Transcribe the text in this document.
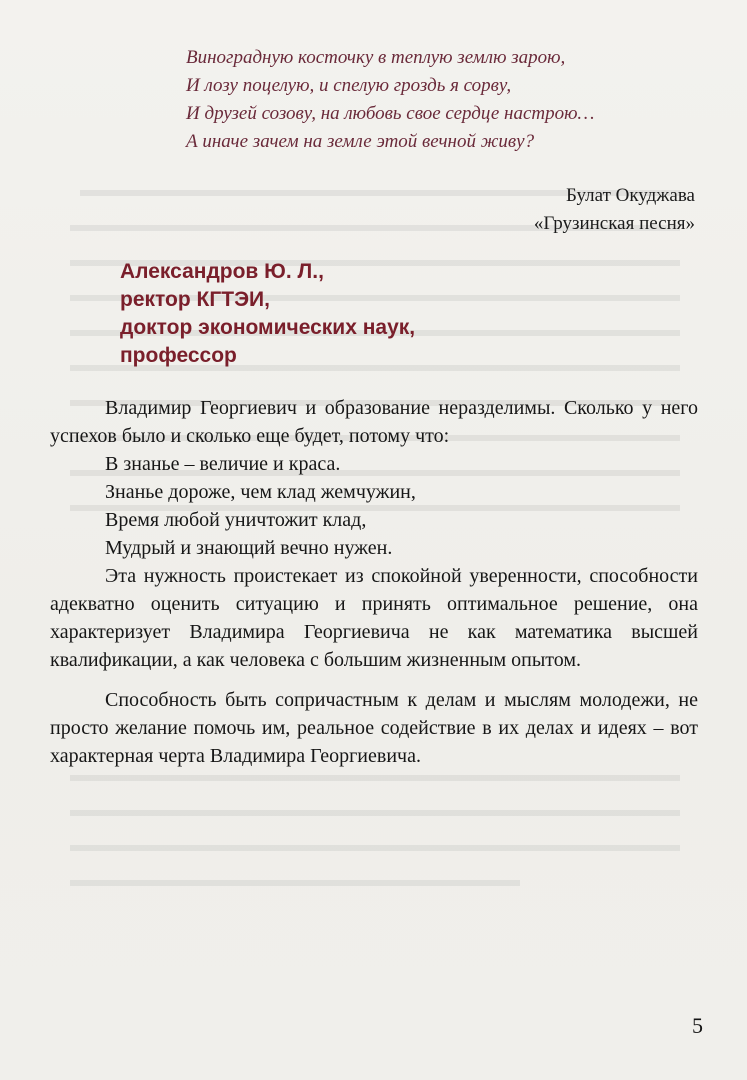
Виноградную косточку в теплую землю зарою,
И лозу поцелую, и спелую гроздь я сорву,
И друзей созову, на любовь свое сердце настрою…
А иначе зачем на земле этой вечной живу?
Булат Окуджава
«Грузинская песня»
Александров Ю. Л.,
ректор КГТЭИ,
доктор экономических наук,
профессор

Владимир Георгиевич и образование неразделимы. Сколько у него успехов было и сколько еще будет, потому что:

В знанье – величие и краса.
Знанье дороже, чем клад жемчужин,
Время любой уничтожит клад,
Мудрый и знающий вечно нужен.

Эта нужность проистекает из спокойной уверенности, способности адекватно оценить ситуацию и принять оптимальное решение, она характеризует Владимира Георгиевича не как математика высшей квалификации, а как человека с большим жизненным опытом.

Способность быть сопричастным к делам и мыслям молодежи, не просто желание помочь им, реальное содействие в их делах и идеях – вот характерная черта Владимира Георгиевича.

5
